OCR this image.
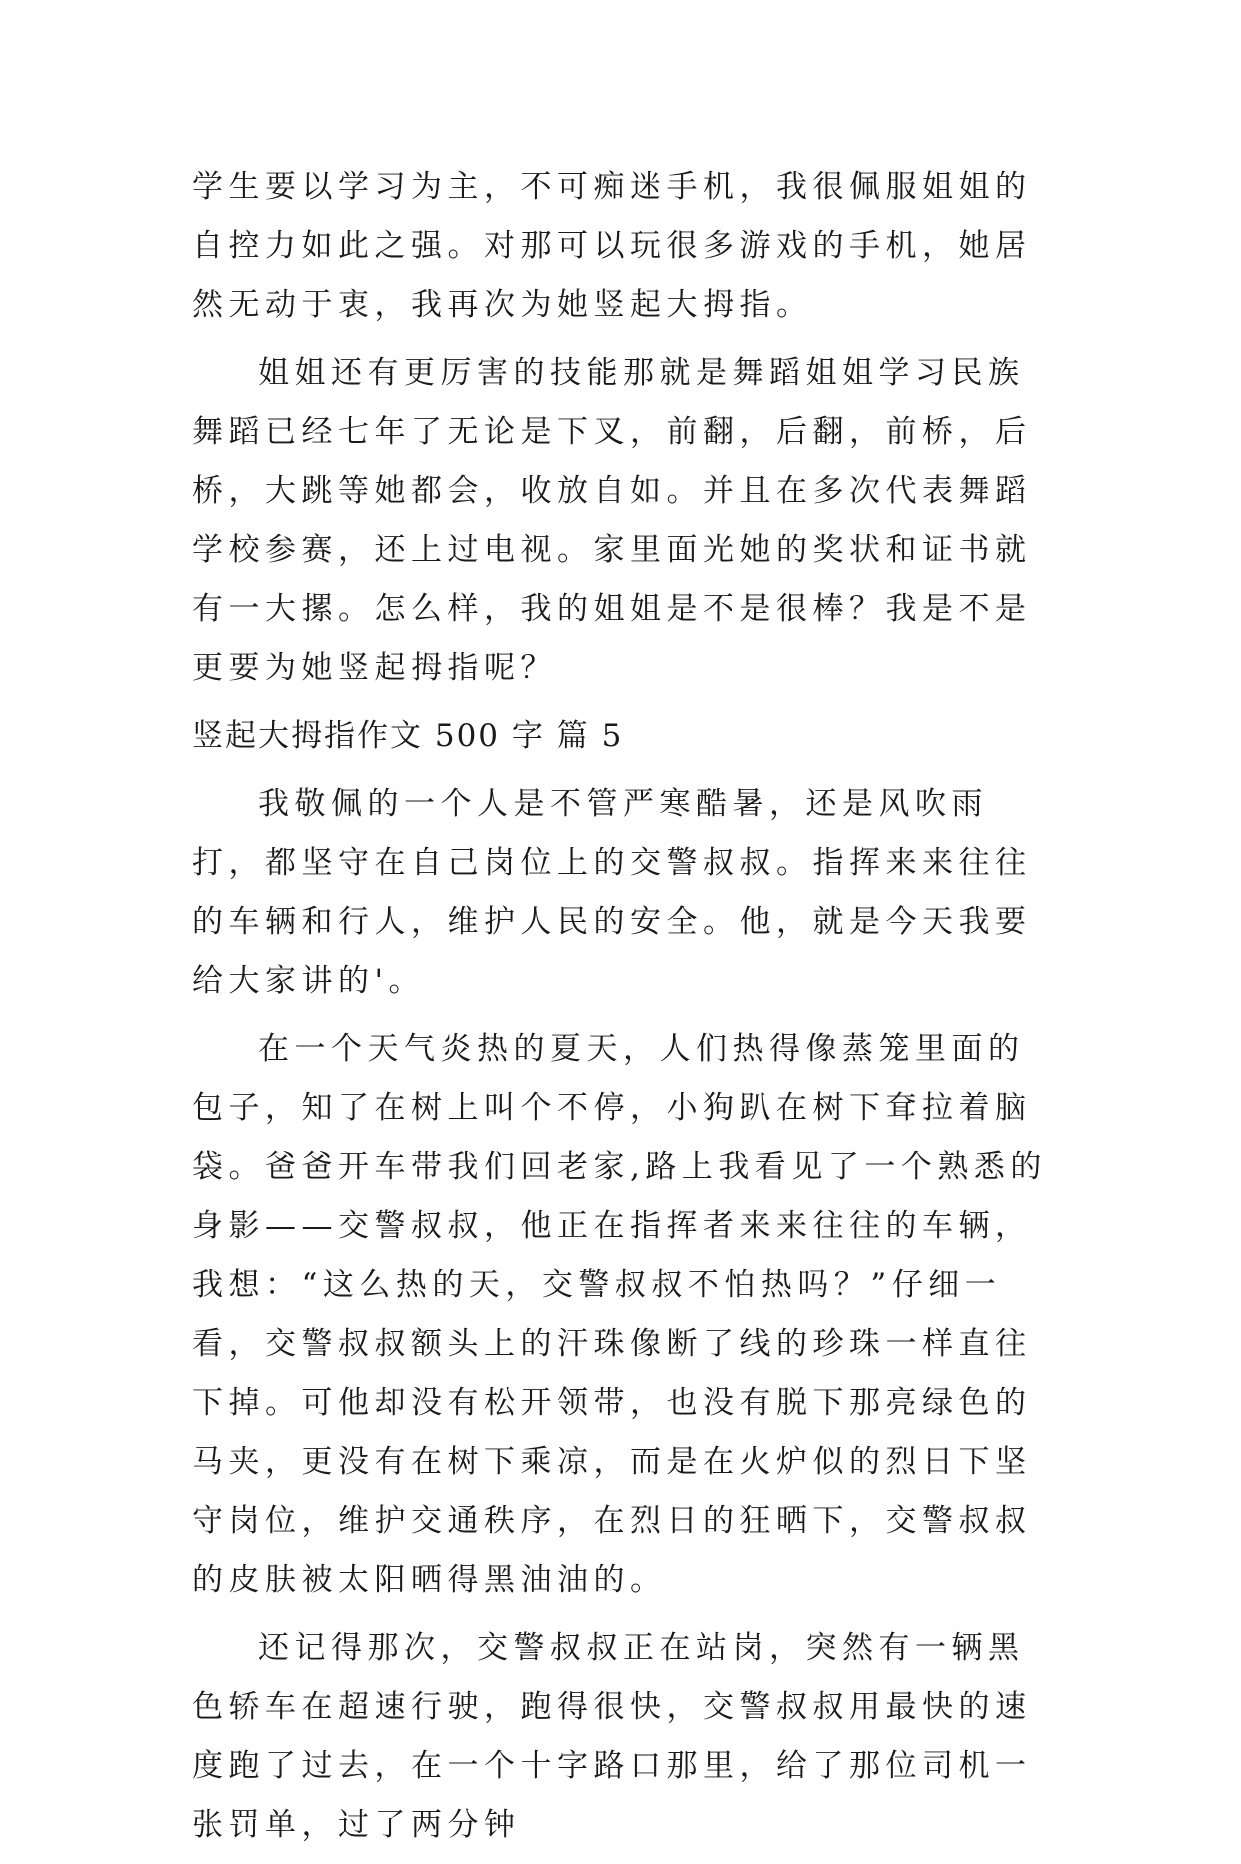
学生要以学习为主，不可痴迷手机，我很佩服姐姐的自控力如此之强。对那可以玩很多游戏的手机，她居然无动于衷，我再次为她竖起大拇指。

姐姐还有更厉害的技能那就是舞蹈姐姐学习民族舞蹈已经七年了无论是下叉，前翻，后翻，前桥，后桥，大跳等她都会，收放自如。并且在多次代表舞蹈学校参赛，还上过电视。家里面光她的奖状和证书就有一大摞。怎么样，我的姐姐是不是很棒？我是不是更要为她竖起拇指呢？

竖起大拇指作文 500 字 篇 5

我敬佩的一个人是不管严寒酷暑，还是风吹雨打，都坚守在自己岗位上的交警叔叔。指挥来来往往的车辆和行人，维护人民的安全。他，就是今天我要给大家讲的'。

在一个天气炎热的夏天，人们热得像蒸笼里面的包子，知了在树上叫个不停，小狗趴在树下耷拉着脑袋。爸爸开车带我们回老家,路上我看见了一个熟悉的身影——交警叔叔，他正在指挥者来来往往的车辆，我想：“这么热的天，交警叔叔不怕热吗？”仔细一看，交警叔叔额头上的汗珠像断了线的珍珠一样直往下掉。可他却没有松开领带，也没有脱下那亮绿色的马夹，更没有在树下乘凉，而是在火炉似的烈日下坚守岗位，维护交通秩序，在烈日的狂晒下，交警叔叔的皮肤被太阳晒得黑油油的。

还记得那次，交警叔叔正在站岗，突然有一辆黑色轿车在超速行驶，跑得很快，交警叔叔用最快的速度跑了过去，在一个十字路口那里，给了那位司机一张罚单，过了两分钟
